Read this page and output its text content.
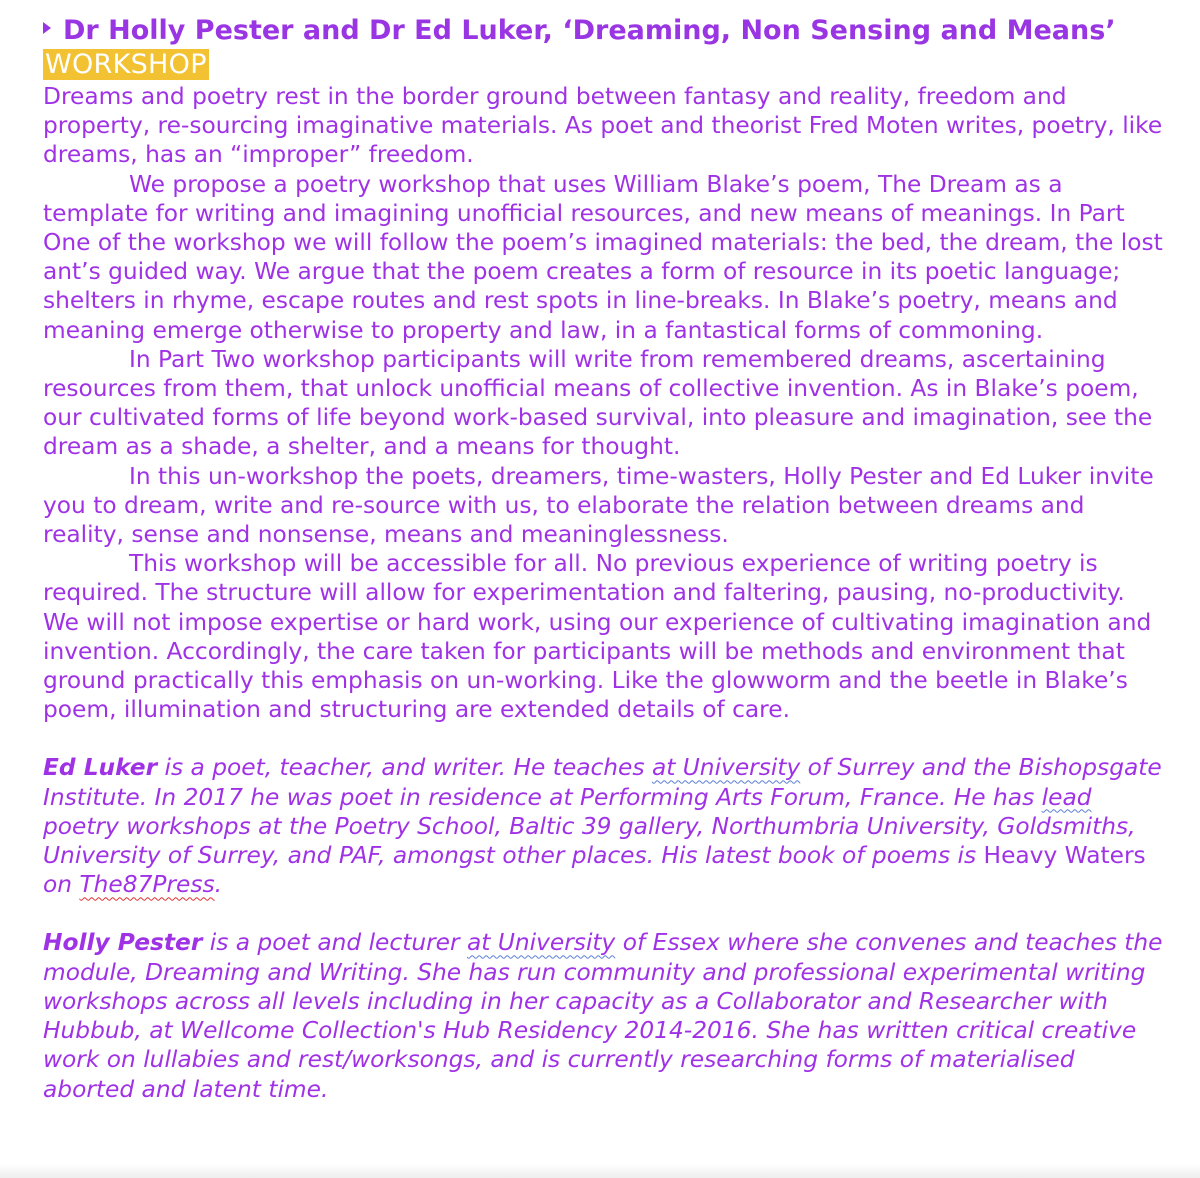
Dr Holly Pester and Dr Ed Luker, ‘Dreaming, Non Sensing and Means’ WORKSHOP

Dreams and poetry rest in the border ground between fantasy and reality, freedom and property, re-sourcing imaginative materials. As poet and theorist Fred Moten writes, poetry, like dreams, has an “improper” freedom.

We propose a poetry workshop that uses William Blake’s poem, The Dream as a template for writing and imagining unofficial resources, and new means of meanings. In Part One of the workshop we will follow the poem’s imagined materials: the bed, the dream, the lost ant’s guided way. We argue that the poem creates a form of resource in its poetic language; shelters in rhyme, escape routes and rest spots in line-breaks. In Blake’s poetry, means and meaning emerge otherwise to property and law, in a fantastical forms of commoning.

In Part Two workshop participants will write from remembered dreams, ascertaining resources from them, that unlock unofficial means of collective invention. As in Blake’s poem, our cultivated forms of life beyond work-based survival, into pleasure and imagination, see the dream as a shade, a shelter, and a means for thought.

In this un-workshop the poets, dreamers, time-wasters, Holly Pester and Ed Luker invite you to dream, write and re-source with us, to elaborate the relation between dreams and reality, sense and nonsense, means and meaninglessness.

This workshop will be accessible for all. No previous experience of writing poetry is required. The structure will allow for experimentation and faltering, pausing, no-productivity. We will not impose expertise or hard work, using our experience of cultivating imagination and invention. Accordingly, the care taken for participants will be methods and environment that ground practically this emphasis on un-working. Like the glowworm and the beetle in Blake’s poem, illumination and structuring are extended details of care.

Ed Luker is a poet, teacher, and writer. He teaches at University of Surrey and the Bishopsgate Institute. In 2017 he was poet in residence at Performing Arts Forum, France. He has lead poetry workshops at the Poetry School, Baltic 39 gallery, Northumbria University, Goldsmiths, University of Surrey, and PAF, amongst other places. His latest book of poems is Heavy Waters on The87Press.

Holly Pester is a poet and lecturer at University of Essex where she convenes and teaches the module, Dreaming and Writing. She has run community and professional experimental writing workshops across all levels including in her capacity as a Collaborator and Researcher with Hubbub, at Wellcome Collection's Hub Residency 2014-2016. She has written critical creative work on lullabies and rest/worksongs, and is currently researching forms of materialised aborted and latent time.
